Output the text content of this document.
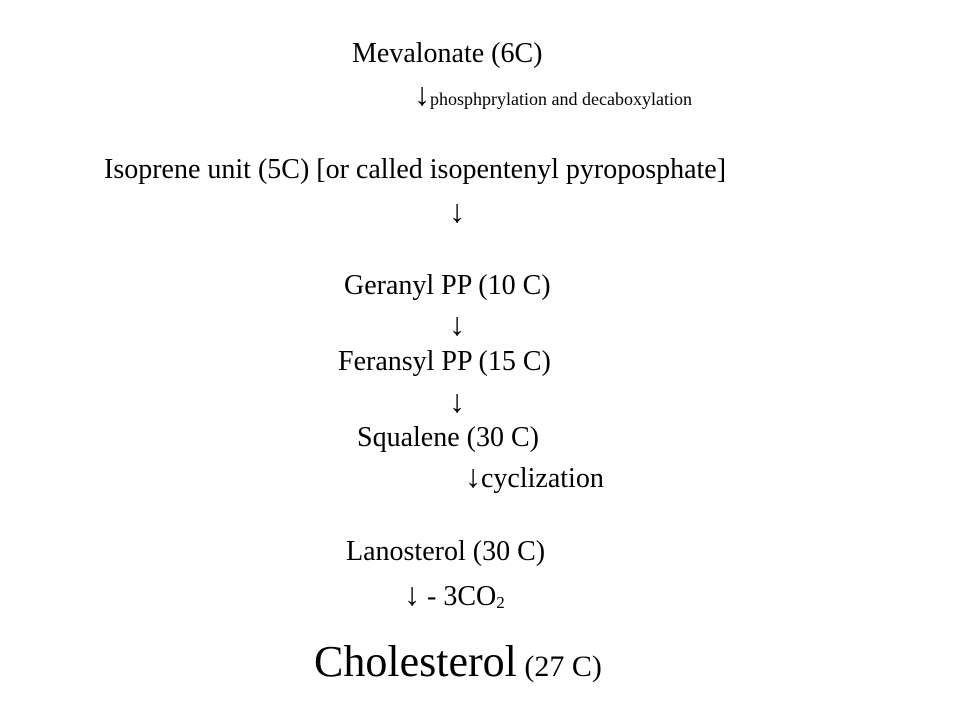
Mevalonate (6C)
↓phosphprylation and decaboxylation
Isoprene unit (5C) [or called isopentenyl pyroposphate]
↓
Geranyl PP (10 C)
↓
Feransyl PP (15 C)
↓
Squalene (30 C)
↓cyclization
Lanosterol (30 C)
↓ - 3CO2
Cholesterol (27 C)
